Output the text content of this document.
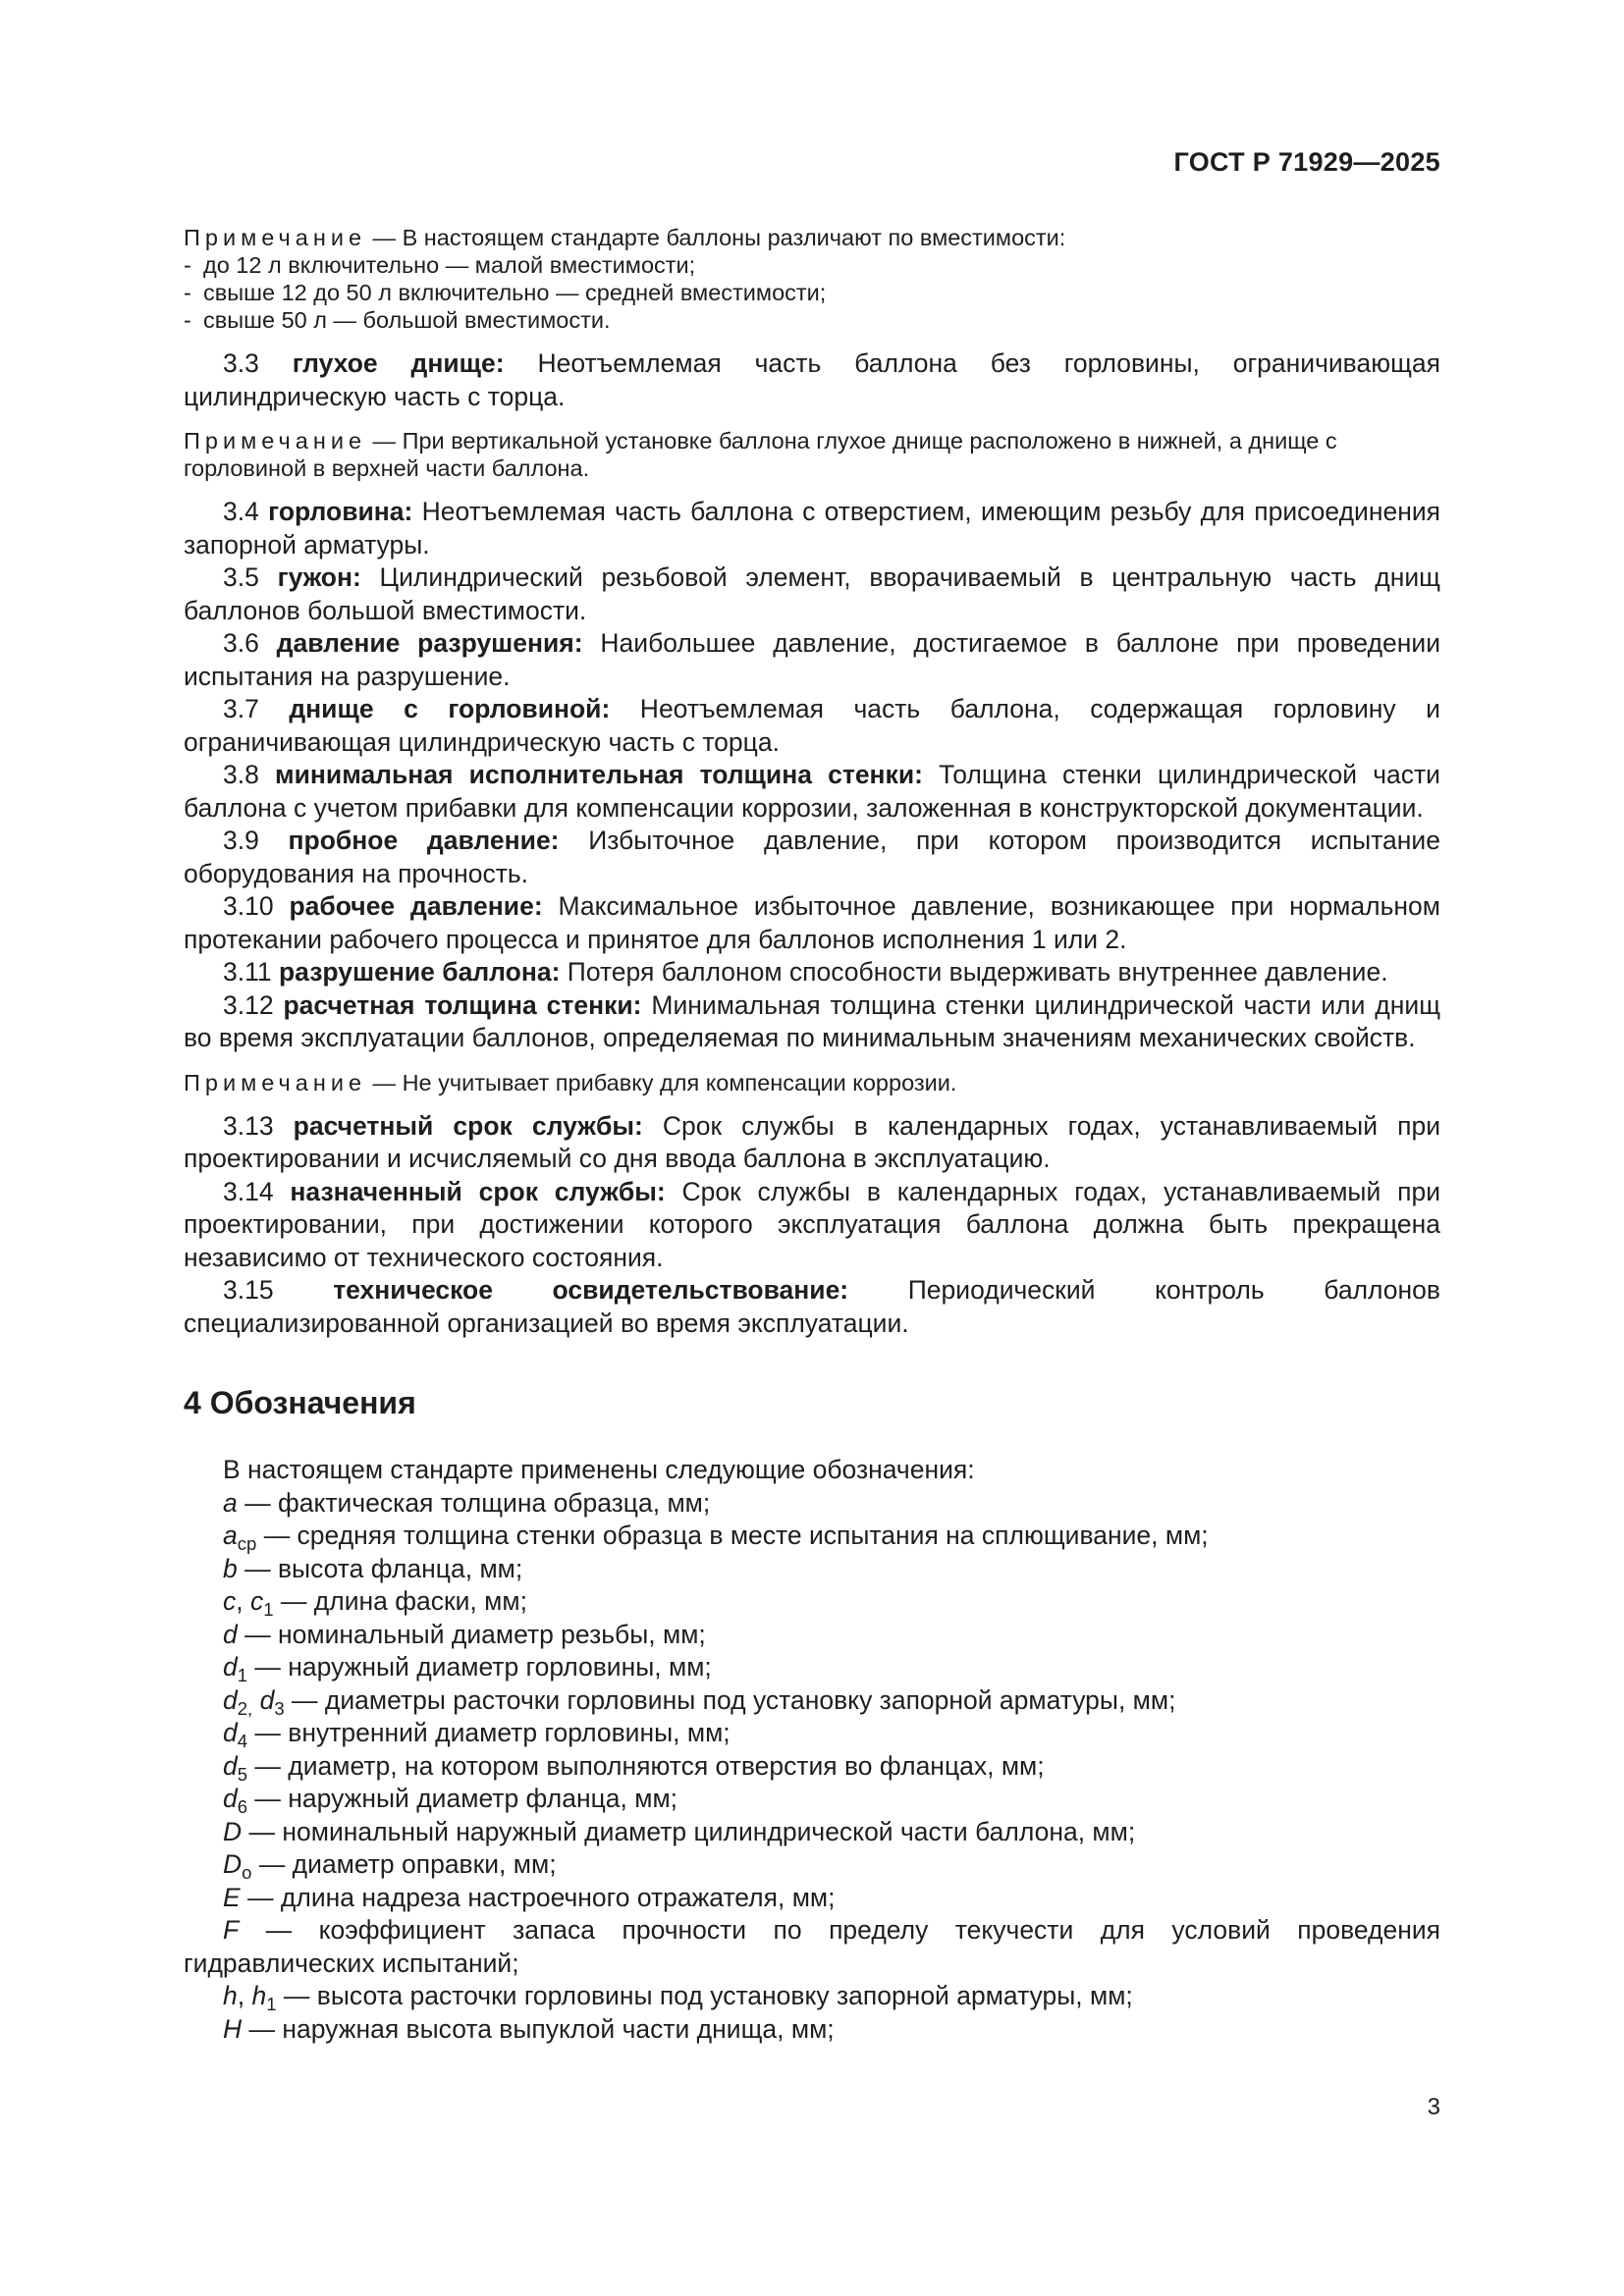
ГОСТ Р 71929—2025
Примечание — В настоящем стандарте баллоны различают по вместимости:
- до 12 л включительно — малой вместимости;
- свыше 12 до 50 л включительно — средней вместимости;
- свыше 50 л — большой вместимости.
3.3 глухое днище: Неотъемлемая часть баллона без горловины, ограничивающая цилиндрическую часть с торца.
Примечание — При вертикальной установке баллона глухое днище расположено в нижней, а днище с горловиной в верхней части баллона.
3.4 горловина: Неотъемлемая часть баллона с отверстием, имеющим резьбу для присоединения запорной арматуры.
3.5 гужон: Цилиндрический резьбовой элемент, вворачиваемый в центральную часть днищ баллонов большой вместимости.
3.6 давление разрушения: Наибольшее давление, достигаемое в баллоне при проведении испытания на разрушение.
3.7 днище с горловиной: Неотъемлемая часть баллона, содержащая горловину и ограничивающая цилиндрическую часть с торца.
3.8 минимальная исполнительная толщина стенки: Толщина стенки цилиндрической части баллона с учетом прибавки для компенсации коррозии, заложенная в конструкторской документации.
3.9 пробное давление: Избыточное давление, при котором производится испытание оборудования на прочность.
3.10 рабочее давление: Максимальное избыточное давление, возникающее при нормальном протекании рабочего процесса и принятое для баллонов исполнения 1 или 2.
3.11 разрушение баллона: Потеря баллоном способности выдерживать внутреннее давление.
3.12 расчетная толщина стенки: Минимальная толщина стенки цилиндрической части или днищ во время эксплуатации баллонов, определяемая по минимальным значениям механических свойств.
Примечание — Не учитывает прибавку для компенсации коррозии.
3.13 расчетный срок службы: Срок службы в календарных годах, устанавливаемый при проектировании и исчисляемый со дня ввода баллона в эксплуатацию.
3.14 назначенный срок службы: Срок службы в календарных годах, устанавливаемый при проектировании, при достижении которого эксплуатация баллона должна быть прекращена независимо от технического состояния.
3.15 техническое освидетельствование: Периодический контроль баллонов специализированной организацией во время эксплуатации.
4 Обозначения
В настоящем стандарте применены следующие обозначения:
a — фактическая толщина образца, мм;
$a_{ср}$ — средняя толщина стенки образца в месте испытания на сплющивание, мм;
b — высота фланца, мм;
c, $c_1$ — длина фаски, мм;
d — номинальный диаметр резьбы, мм;
$d_1$ — наружный диаметр горловины, мм;
$d_{2,}$ $d_3$ — диаметры расточки горловины под установку запорной арматуры, мм;
$d_4$ — внутренний диаметр горловины, мм;
$d_5$ — диаметр, на котором выполняются отверстия во фланцах, мм;
$d_6$ — наружный диаметр фланца, мм;
D — номинальный наружный диаметр цилиндрической части баллона, мм;
$D_о$ — диаметр оправки, мм;
E — длина надреза настроечного отражателя, мм;
F — коэффициент запаса прочности по пределу текучести для условий проведения гидравлических испытаний;
h, $h_1$ — высота расточки горловины под установку запорной арматуры, мм;
H — наружная высота выпуклой части днища, мм;
3
